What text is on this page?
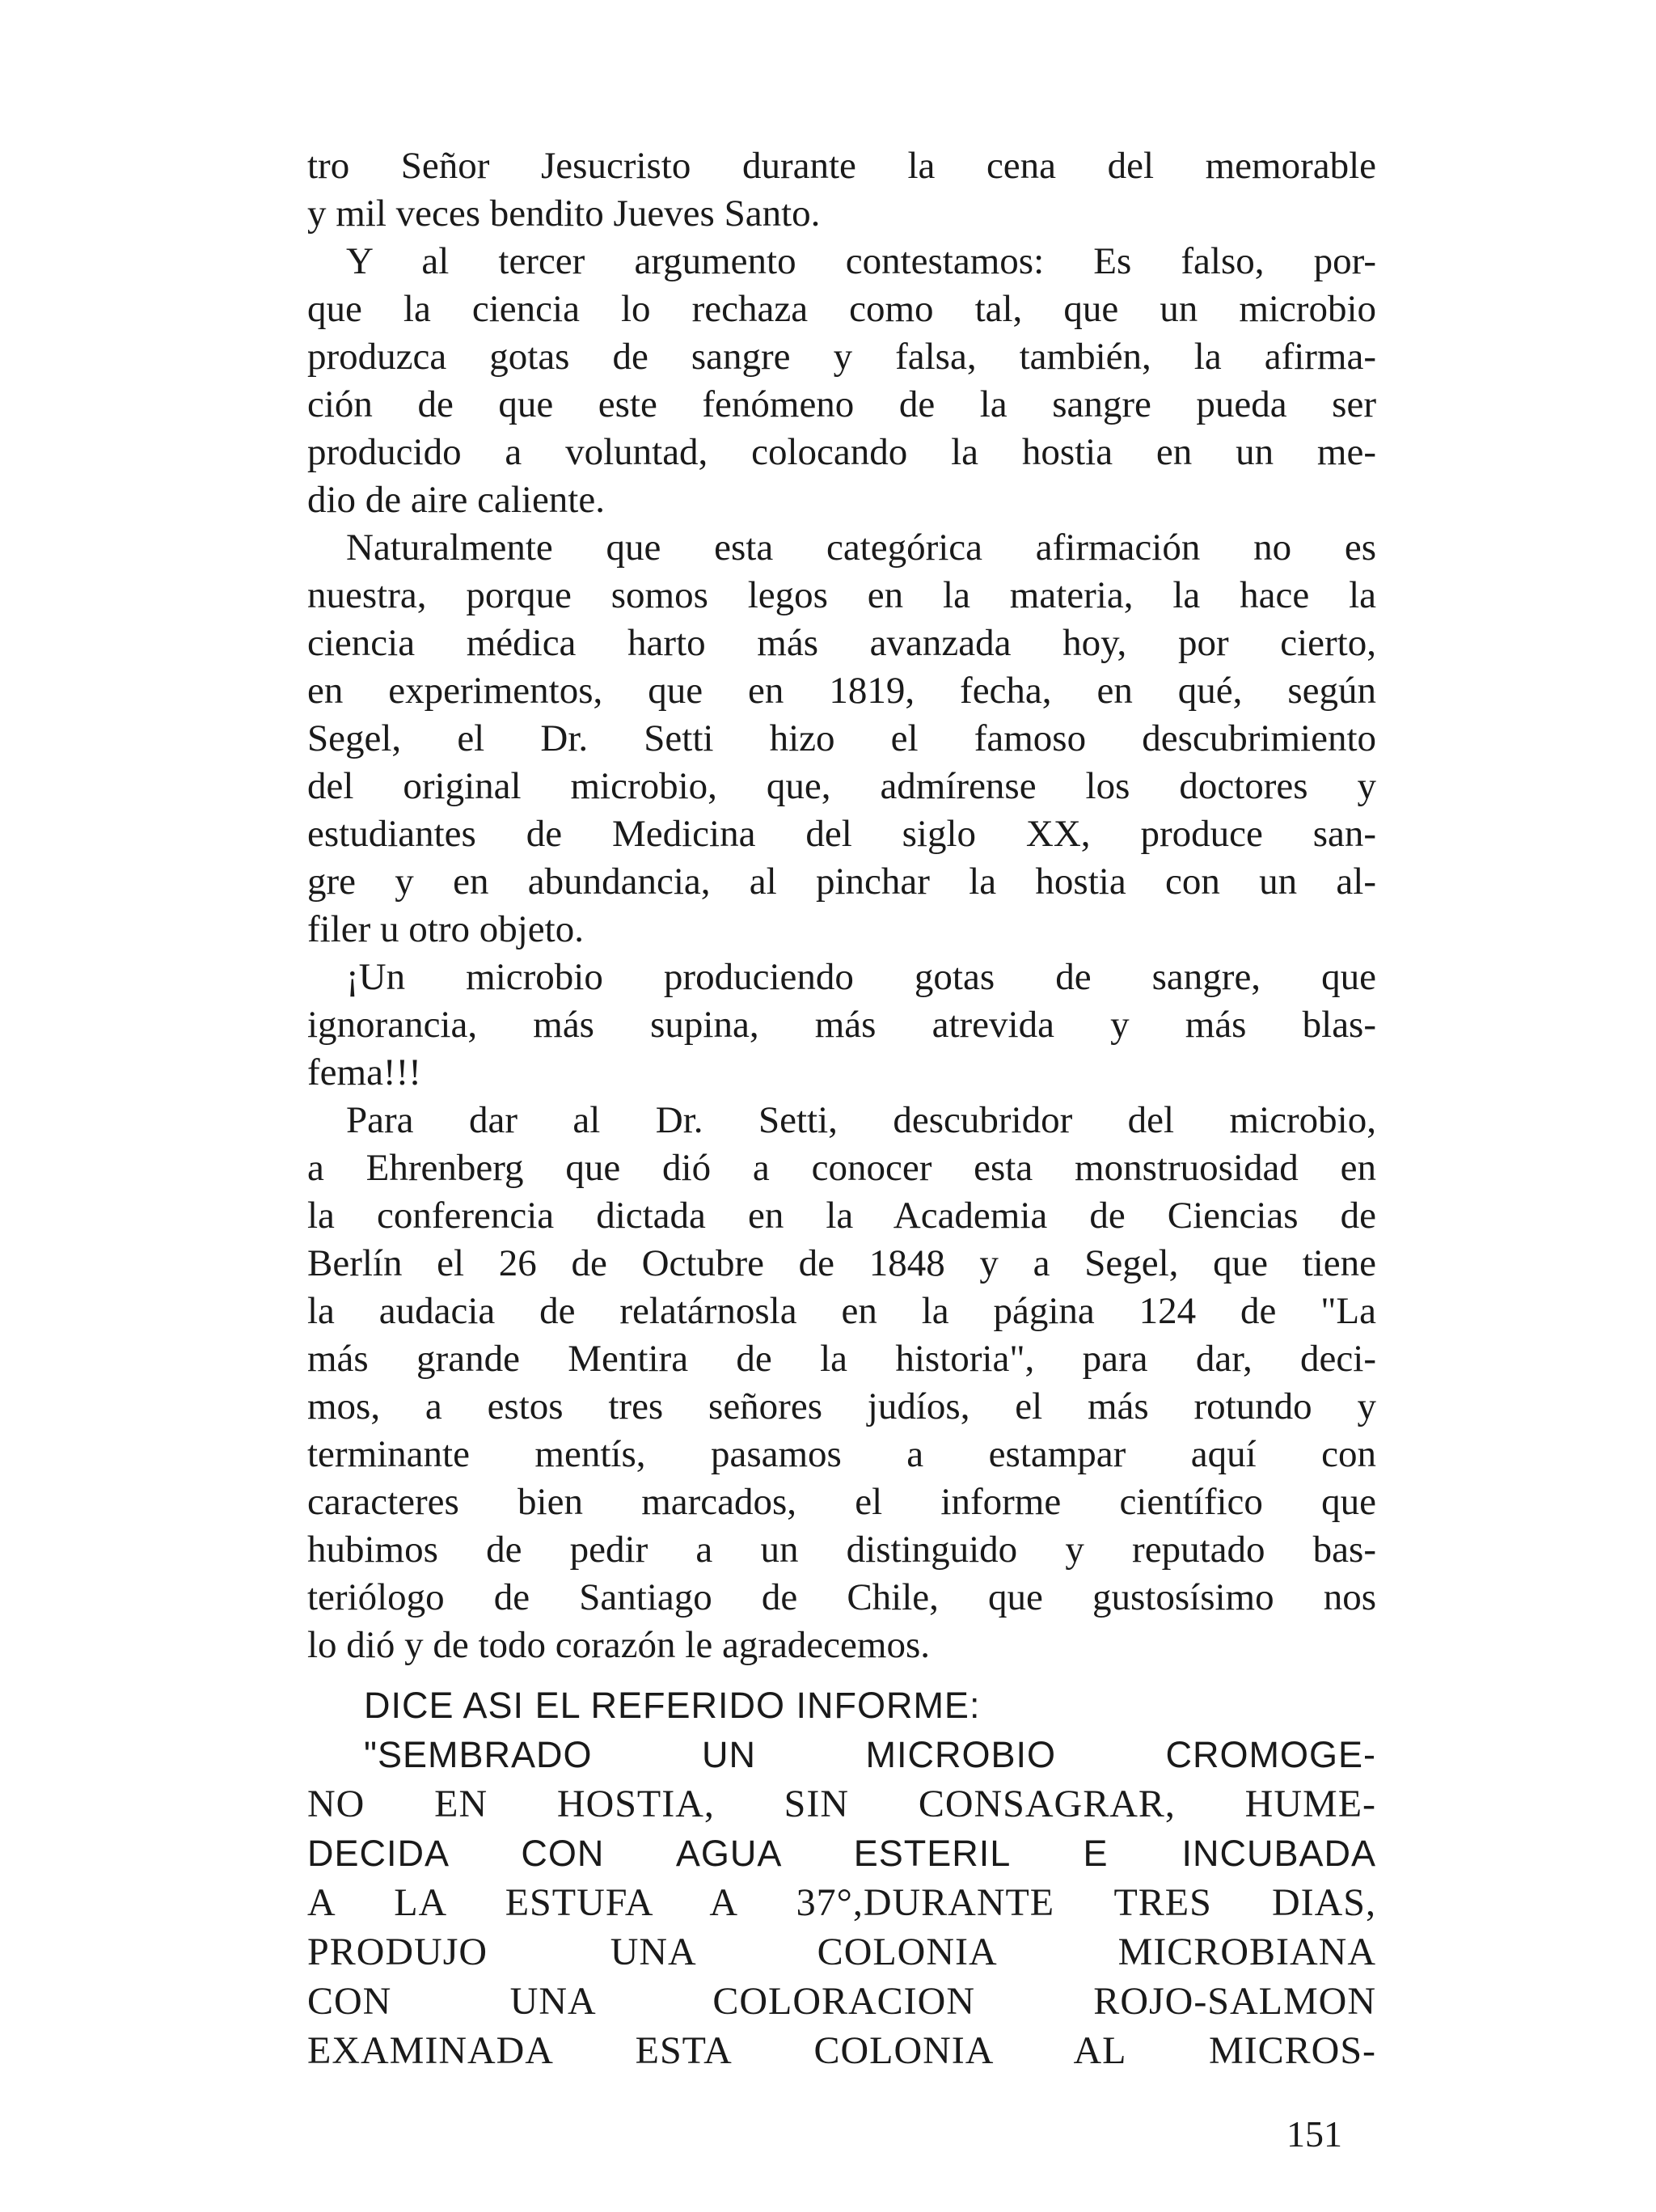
tro Señor Jesucristo durante la cena del memorable
y mil veces bendito Jueves Santo.
Y al tercer argumento contestamos: Es falso, por-
que la ciencia lo rechaza como tal, que un microbio
produzca gotas de sangre y falsa, también, la afirma-
ción de que este fenómeno de la sangre pueda ser
producido a voluntad, colocando la hostia en un me-
dio de aire caliente.
Naturalmente que esta categórica afirmación no es
nuestra, porque somos legos en la materia, la hace la
ciencia médica harto más avanzada hoy, por cierto,
en experimentos, que en 1819, fecha, en qué, según
Segel, el Dr. Setti hizo el famoso descubrimiento
del original microbio, que, admírense los doctores y
estudiantes de Medicina del siglo XX, produce san-
gre y en abundancia, al pinchar la hostia con un al-
filer u otro objeto.
¡Un microbio produciendo gotas de sangre, que
ignorancia, más supina, más atrevida y más blas-
fema!!!
Para dar al Dr. Setti, descubridor del microbio,
a Ehrenberg que dió a conocer esta monstruosidad en
la conferencia dictada en la Academia de Ciencias de
Berlín el 26 de Octubre de 1848 y a Segel, que tiene
la audacia de relatárnosla en la página 124 de "La
más grande Mentira de la historia", para dar, deci-
mos, a estos tres señores judíos, el más rotundo y
terminante mentís, pasamos a estampar aquí con
caracteres bien marcados, el informe científico que
hubimos de pedir a un distinguido y reputado bas-
teriólogo de Santiago de Chile, que gustosísimo nos
lo dió y de todo corazón le agradecemos.
DICE ASI EL REFERIDO INFORME:
"SEMBRADO UN MICROBIO CROMOGE-
NO EN HOSTIA, SIN CONSAGRAR, HUME-
DECIDA CON AGUA ESTERIL E INCUBADA
A LA ESTUFA A 37°,DURANTE TRES DIAS,
PRODUJO UNA COLONIA MICROBIANA
CON UNA COLORACION ROJO-SALMON
EXAMINADA ESTA COLONIA AL MICROS-
151
